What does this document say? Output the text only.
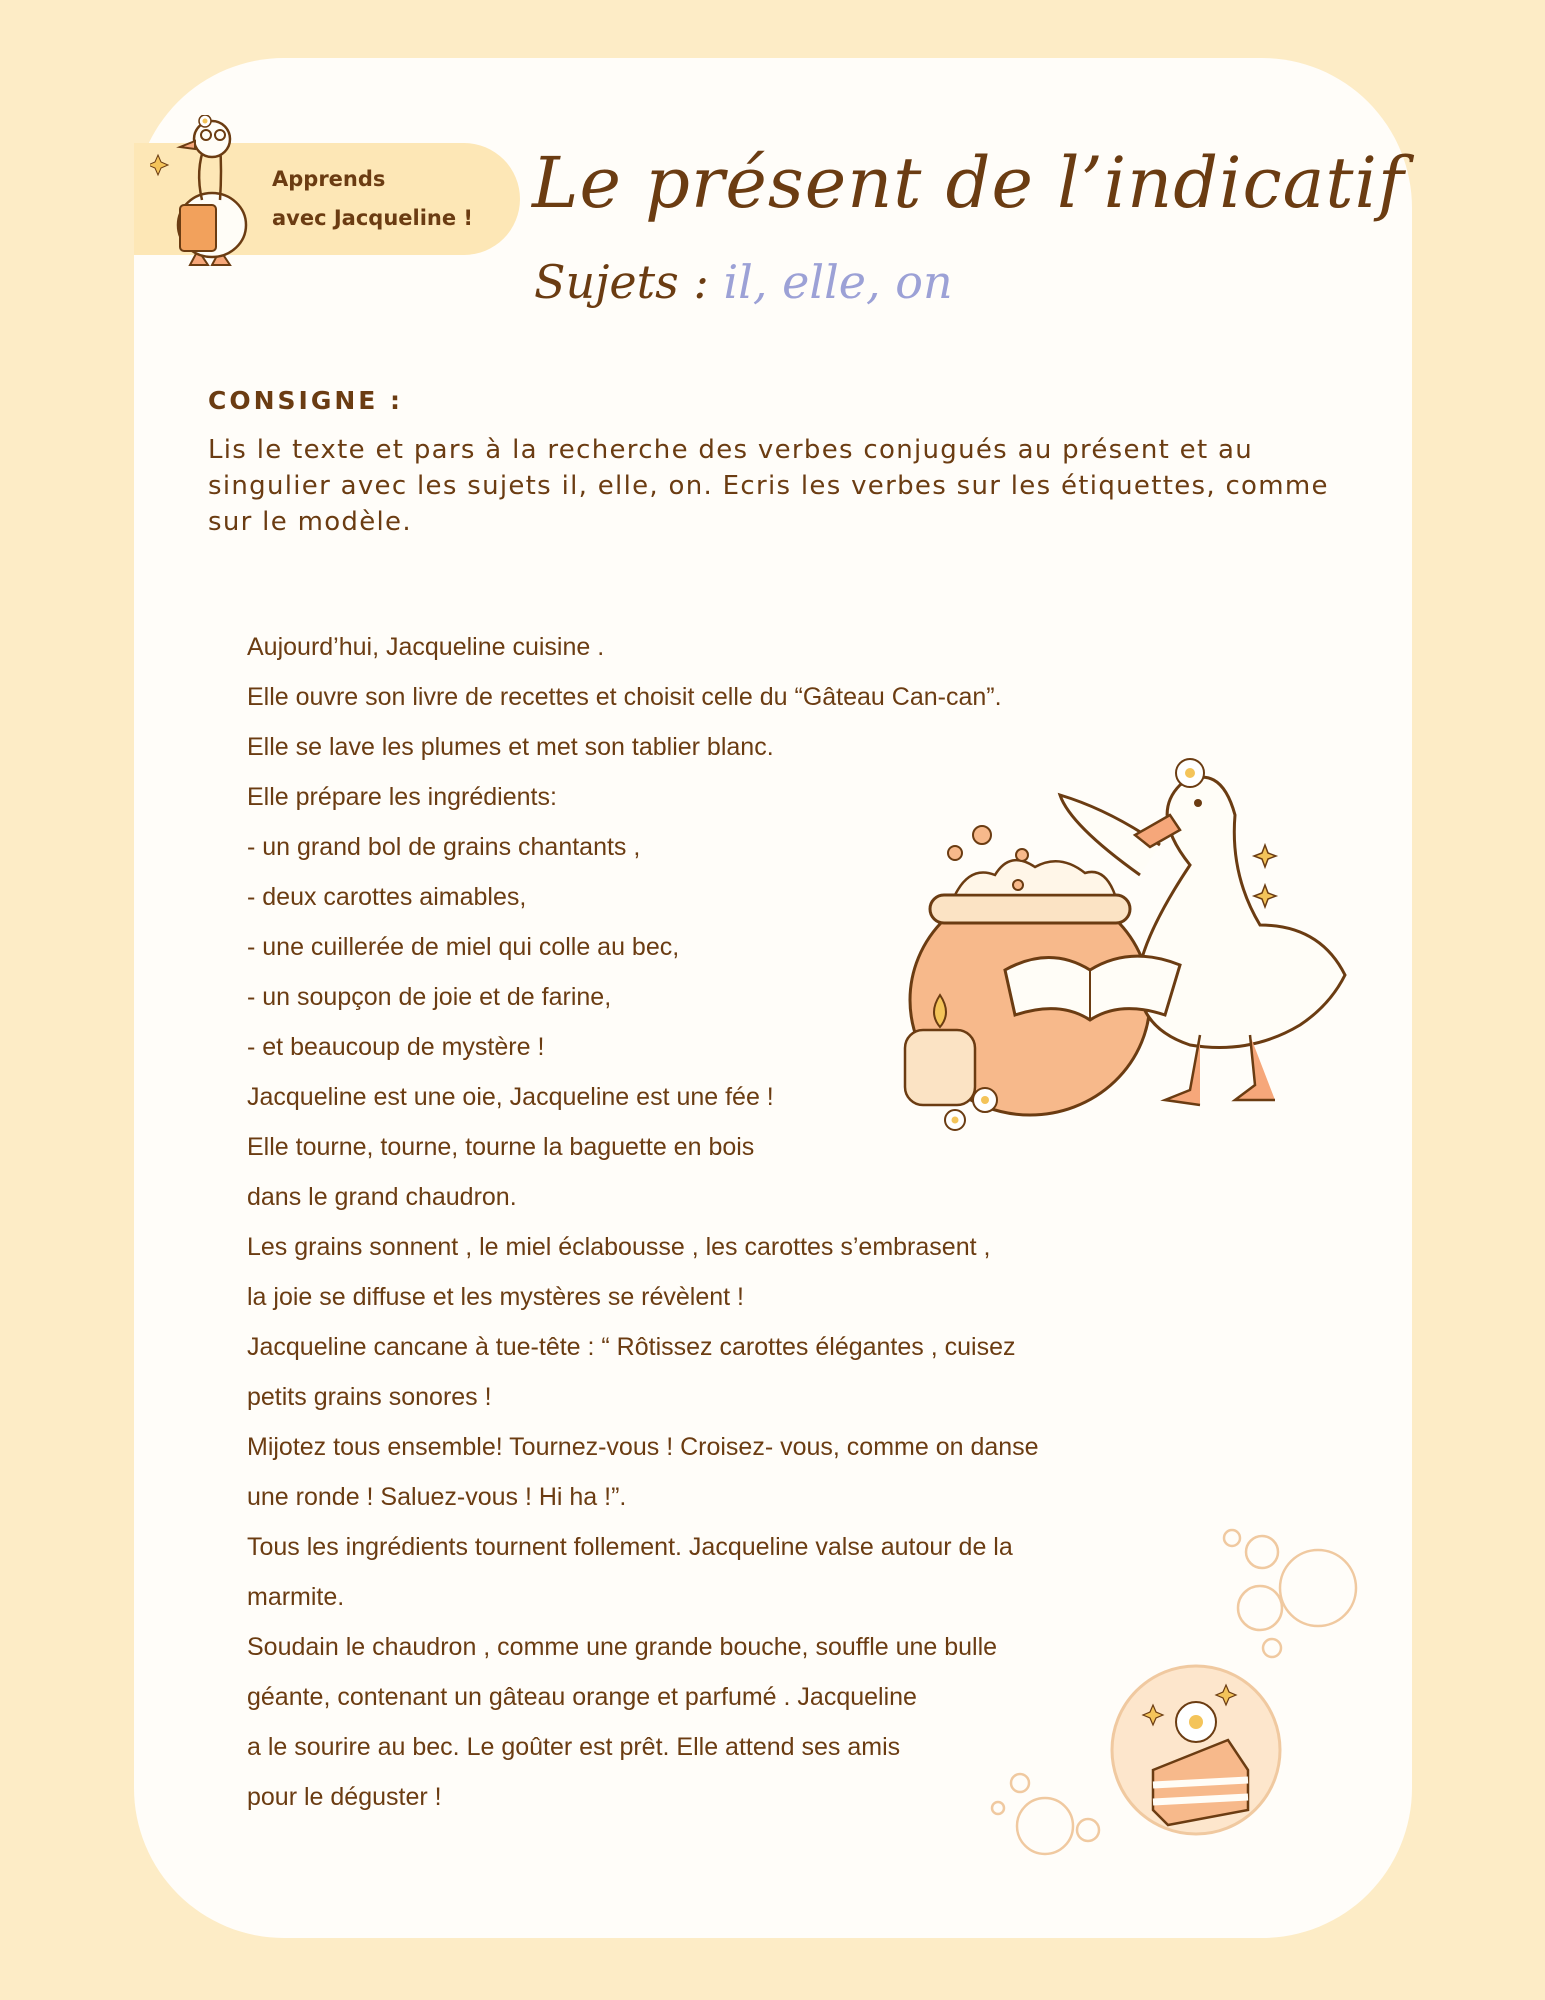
Apprends
avec Jacqueline ! Le présent de l’indicatif
Sujets : il, elle, on
CONSIGNE :
Lis le texte et pars à la recherche des verbes conjugués au présent et au singulier avec les sujets il, elle, on. Ecris les verbes sur les étiquettes, comme sur le modèle.
Aujourd’hui, Jacqueline cuisine .
Elle ouvre son livre de recettes et choisit celle du “Gâteau Can-can”.
Elle se lave les plumes et met son tablier blanc.
Elle prépare les ingrédients:
- un grand bol de grains chantants ,
- deux carottes aimables,
- une cuillerée de miel qui colle au bec,
- un soupçon de joie et de farine,
- et beaucoup de mystère !
Jacqueline est une oie, Jacqueline est une fée !
Elle tourne, tourne, tourne la baguette en bois
dans le grand chaudron.
Les grains sonnent , le miel éclabousse , les carottes s’embrasent ,
la joie se diffuse et les mystères se révèlent !
Jacqueline cancane à tue-tête : “ Rôtissez carottes élégantes , cuisez
petits grains sonores !
Mijotez tous ensemble! Tournez-vous ! Croisez- vous, comme on danse
une ronde ! Saluez-vous ! Hi ha !”.
Tous les ingrédients tournent follement. Jacqueline valse autour de la
marmite.
Soudain le chaudron , comme une grande bouche, souffle une bulle
géante, contenant un gâteau orange et parfumé . Jacqueline
a le sourire au bec. Le goûter est prêt. Elle attend ses amis
pour le déguster !
